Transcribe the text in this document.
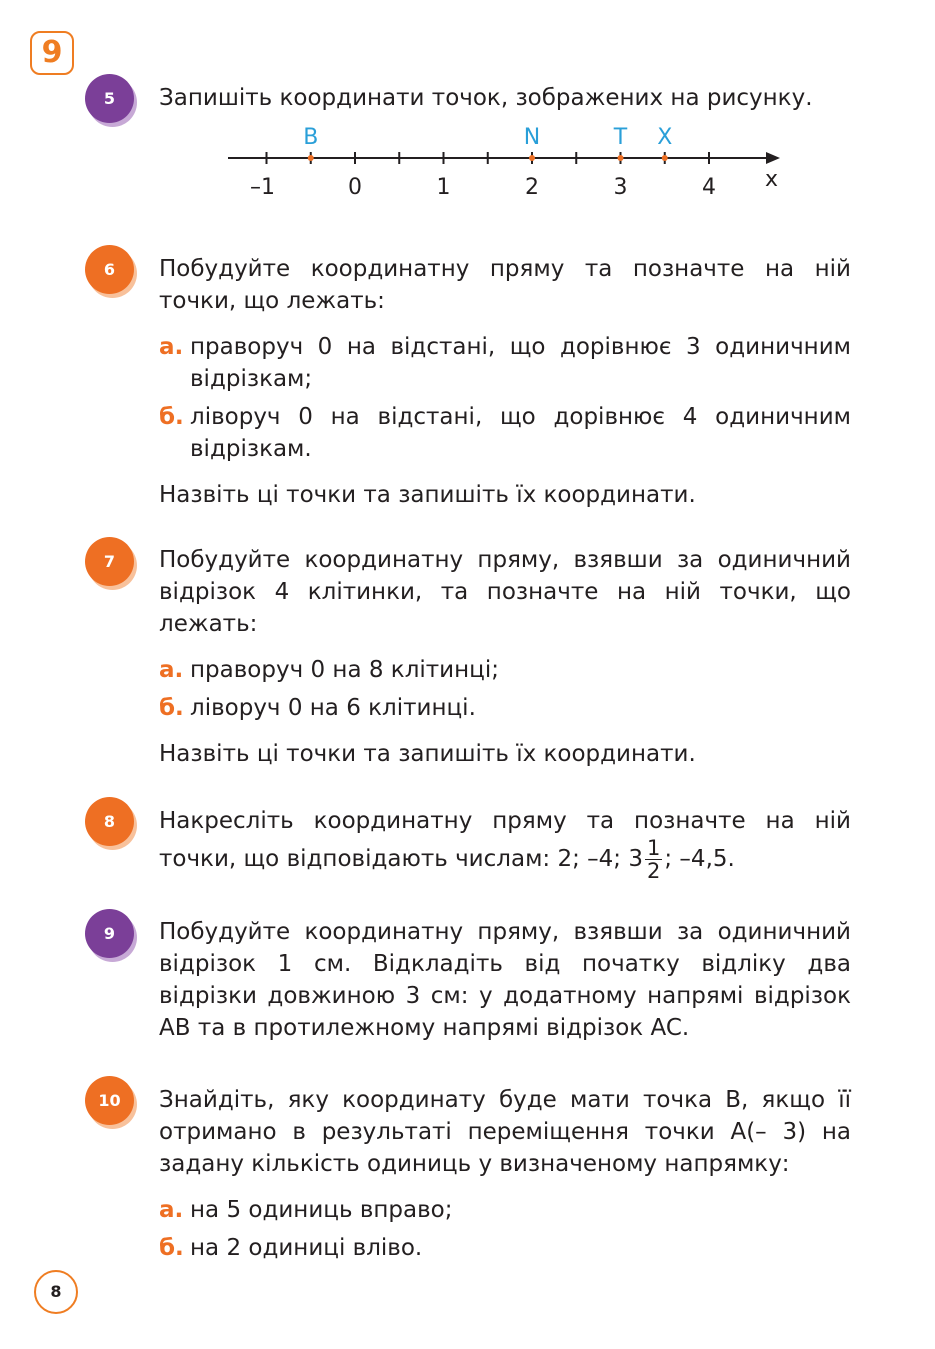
9
5	Запишіть координати точок, зображених на рисунку.

–1	0	1	2	3	4
B	N	T X
x
6	Побудуйте координатну пряму та позначте на ній точки, що лежать:

а. праворуч 0 на відстані, що дорівнює 3 одиничним відрізкам;
б. ліворуч 0 на відстані, що дорівнює 4 одиничним відрізкам.

Назвіть ці точки та запишіть їх координати.

7	Побудуйте координатну пряму, взявши за одиничний відрізок 4 клітинки, та позначте на ній точки, що лежать:

а. праворуч 0 на 8 клітинці;
б. ліворуч 0 на 6 клітинці.

Назвіть ці точки та запишіть їх координати.

8	Накресліть координатну пряму та позначте на ній точки, що відповідають числам: 2; –4; $3 \frac{1}{2}$ ; –4,5.

9	Побудуйте координатну пряму, взявши за одиничний відрізок 1 см. Відкладіть від початку відліку два відрізки довжиною 3 см: у додатному напрямі відрізок AB та в протилежному напрямі відрізок AC.

10	Знайдіть, яку координату буде мати точка B, якщо її отримано в результаті переміщення точки A(– 3) на задану кількість одиниць у визначеному напрямку:

а. на 5 одиниць вправо;
б. на 2 одиниці вліво.
8
